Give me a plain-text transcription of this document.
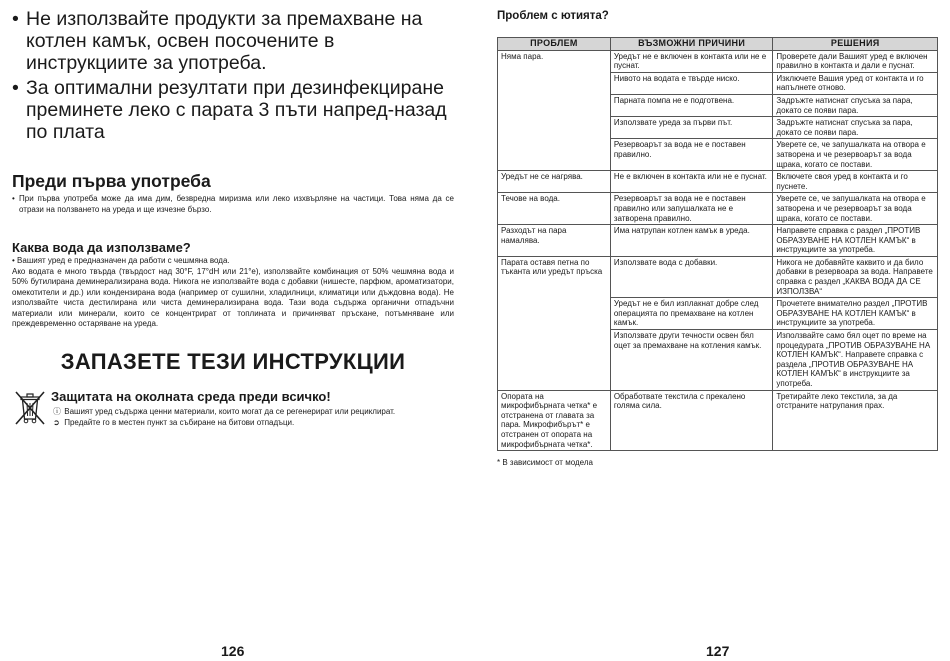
• Не използвайте продукти за премахване на котлен камък, освен посочените в инструкциите за употреба.

• За оптимални резултати при дезинфекциране преминете леко с парата 3 пъти напред-назад по плата

Преди първа употреба
• При първа употреба може да има дим, безвредна миризма или леко изхвърляне на частици. Това няма да се отрази на ползването на уреда и ще изчезне бързо.
Каква вода да използваме?
• Вашият уред е предназначен да работи с чешмяна вода.
Ако водата е много твърда (твърдост над 30°F, 17°dH или 21°e), използвайте комбинация от 50% чешмяна вода и 50% бутилирана деминерализирана вода. Никога не използвайте вода с добавки (нишесте, парфюм, ароматизатори, омекотители и др.) или кондензирана вода (например от сушилни, хладилници, климатици или дъждовна вода). Не използвайте чиста дестилирана или чиста деминерализирана вода. Тази вода съдържа органични отпадъчни материали или минерали, които се концентрират от топлината и причиняват пръскане, потъмняване или преждевременно остаряване на уреда.
ЗАПАЗЕТЕ ТЕЗИ ИНСТРУКЦИИ
Защитата на околната среда преди всичко!
ⓘ Вашият уред съдържа ценни материали, които могат да се регенерират или рециклират.
➲ Предайте го в местен пункт за събиране на битови отпадъци.
126
Проблем с ютията?
ПРОБЛЕМ	ВЪЗМОЖНИ ПРИЧИНИ	РЕШЕНИЯ
Няма пара.	Уредът не е включен в контакта или не е пуснат.	Проверете дали Вашият уред е включен правилно в контакта и дали е пуснат.
	Нивото на водата е твърде ниско.	Изключете Вашия уред от контакта и го напълнете отново.
	Парната помпа не е подготвена.	Задръжте натиснат спусъка за пара, докато се появи пара.
	Използвате уреда за първи път.	Задръжте натиснат спусъка за пара, докато се появи пара.
	Резервоарът за вода не е поставен правилно.	Уверете се, че запушалката на отвора е затворена и че резервоарът за вода щрака, когато се постави.
Уредът не се нагрява.	Не е включен в контакта или не е пуснат.	Включете своя уред в контакта и го пуснете.
Течове на вода.	Резервоарът за вода не е поставен правилно или запушалката не е затворена правилно.	Уверете се, че запушалката на отвора е затворена и че резервоарът за вода щрака, когато се постави.
Разходът на пара намалява.	Има натрупан котлен камък в уреда.	Направете справка с раздел „ПРОТИВ ОБРАЗУВАНЕ НА КОТЛЕН КАМЪК“ в инструкциите за употреба.
Парата оставя петна по тъканта или уредът пръска	Използвате вода с добавки.	Никога не добавяйте каквито и да било добавки в резервоара за вода. Направете справка с раздел „КАКВА ВОДА ДА СЕ ИЗПОЛЗВА“
	Уредът не е бил изплакнат добре след операцията по премахване на котлен камък.	Прочетете внимателно раздел „ПРОТИВ ОБРАЗУВАНЕ НА КОТЛЕН КАМЪК“ в инструкциите за употреба.
	Използвате други течности освен бял оцет за премахване на котления камък.	Използвайте само бял оцет по време на процедурата „ПРОТИВ ОБРАЗУВАНЕ НА КОТЛЕН КАМЪК“. Направете справка с раздела „ПРОТИВ ОБРАЗУВАНЕ НА КОТЛЕН КАМЪК“ в инструкциите за употреба.
Опората на микрофибърната четка* е отстранена от главата за пара. Микрофибърът* е отстранен от опората на микрофибърната четка*.	Обработвате текстила с прекалено голяма сила.	Третирайте леко текстила, за да отстраните натрупания прах.
* В зависимост от модела
127
